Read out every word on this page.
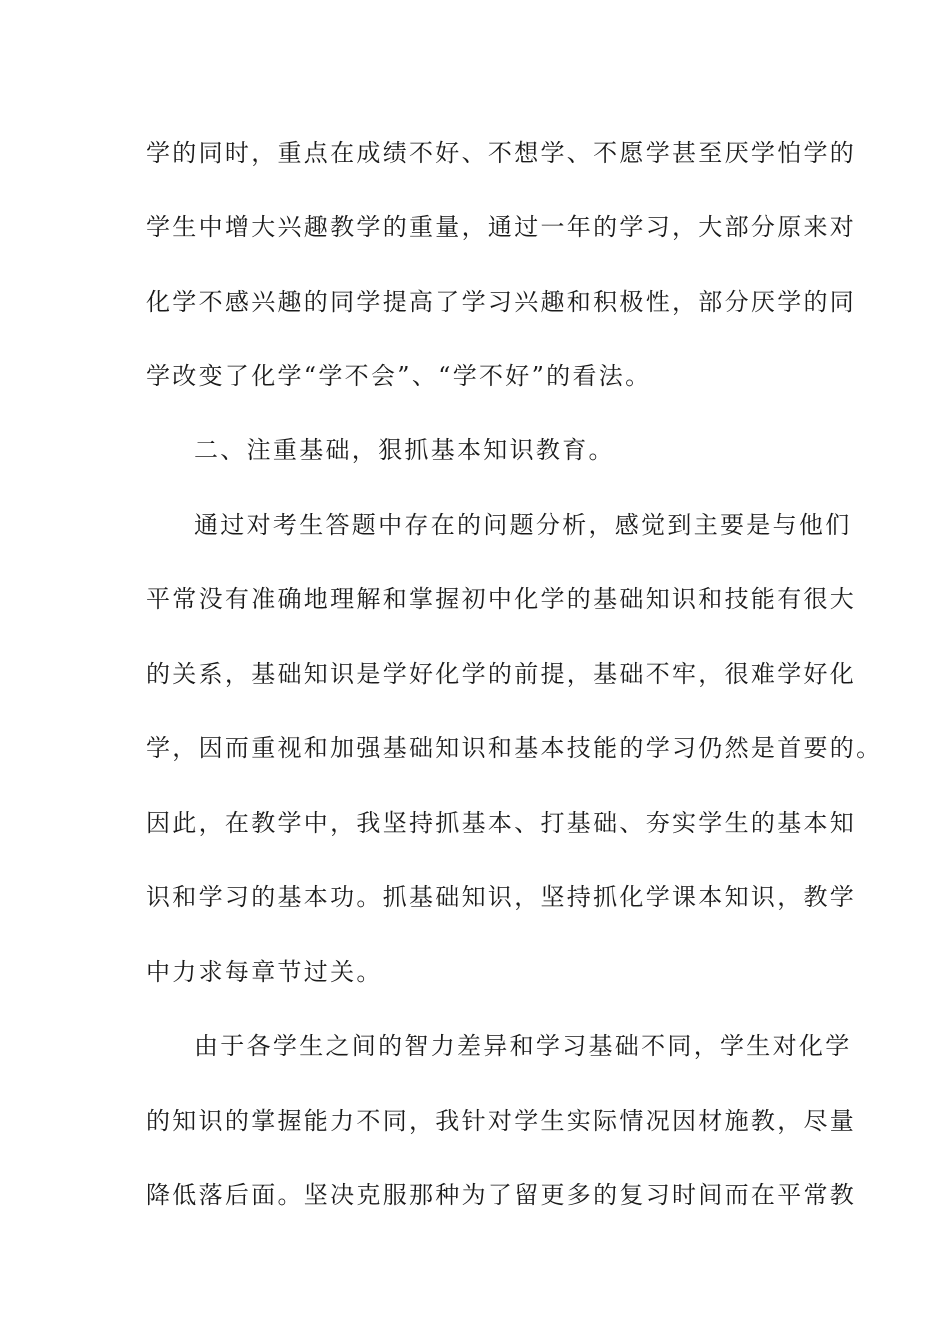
学的同时，重点在成绩不好、不想学、不愿学甚至厌学怕学的
学生中增大兴趣教学的重量，通过一年的学习，大部分原来对
化学不感兴趣的同学提高了学习兴趣和积极性，部分厌学的同
学改变了化学“学不会”、“学不好”的看法。
二、注重基础，狠抓基本知识教育。
通过对考生答题中存在的问题分析，感觉到主要是与他们
平常没有准确地理解和掌握初中化学的基础知识和技能有很大
的关系，基础知识是学好化学的前提，基础不牢，很难学好化
学，因而重视和加强基础知识和基本技能的学习仍然是首要的。
因此，在教学中，我坚持抓基本、打基础、夯实学生的基本知
识和学习的基本功。抓基础知识，坚持抓化学课本知识，教学
中力求每章节过关。
由于各学生之间的智力差异和学习基础不同，学生对化学
的知识的掌握能力不同，我针对学生实际情况因材施教，尽量
降低落后面。坚决克服那种为了留更多的复习时间而在平常教
